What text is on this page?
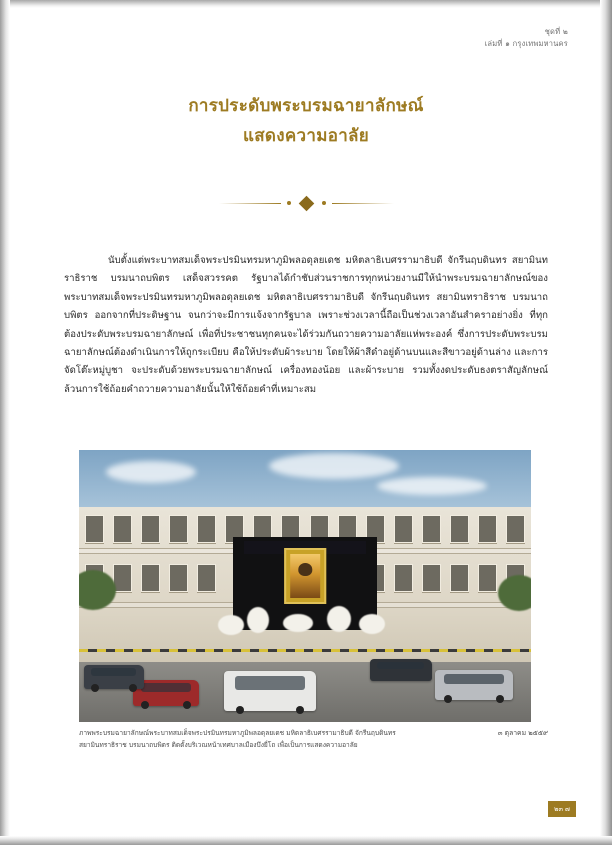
ชุดที่ ๒
เล่มที่ ๑ กรุงเทพมหานคร
การประดับพระบรมฉายาลักษณ์
แสดงความอาลัย

นับตั้งแต่พระบาทสมเด็จพระปรมินทรมหาภูมิพลอดุลยเดช มหิตลาธิเบศรรามาธิบดี จักรีนฤบดินทร สยามินทราธิราช บรมนาถบพิตร เสด็จสวรรคต รัฐบาลได้กำชับส่วนราชการทุกหน่วยงานมีให้นำพระบรมฉายาลักษณ์ของพระบาทสมเด็จพระปรมินทรมหาภูมิพลอดุลยเดช มหิตลาธิเบศรรามาธิบดี จักรีนฤบดินทร สยามินทราธิราช บรมนาถบพิตร ออกจากที่ประดิษฐาน จนกว่าจะมีการแจ้งจากรัฐบาล เพราะช่วงเวลานี้ถือเป็นช่วงเวลาอันสำคราอย่างยิ่ง ที่ทุกต้องประดับพระบรมฉายาลักษณ์ เพื่อที่ประชาชนทุกคนจะได้ร่วมกันถวายความอาลัยแห่พระองค์ ซึ่งการประดับพระบรมฉายาลักษณ์ต้องดำเนินการให้ถูกระเบียบ คือให้ประดับผ้าระบาย โดยให้ผ้าสีดำอยู่ด้านบนและสีขาวอยู่ด้านล่าง และการจัดโต๊ะหมู่บูชา จะประดับด้วยพระบรมฉายาลักษณ์ เครื่องทองน้อย และผ้าระบาย รวมทั้งงดประดับธงตราสัญลักษณ์ ล้วนการใช้ถ้อยคำถวายความอาลัยนั้นให้ใช้ถ้อยคำที่เหมาะสม

ภาพพระบรมฉายาลักษณ์พระบาทสมเด็จพระปรมินทรมหาภูมิพลอดุลยเดช มหิตลาธิเบศรรามาธิบดี จักรีนฤบดินทร สยามินทราธิราช บรมนาถบพิตร ติดตั้งบริเวณหน้าเทศบาลเมืองบึงยี่โถ เพื่อเป็นการแสดงความอาลัย
๓ ตุลาคม ๒๕๕๙
๒๓ ๗
